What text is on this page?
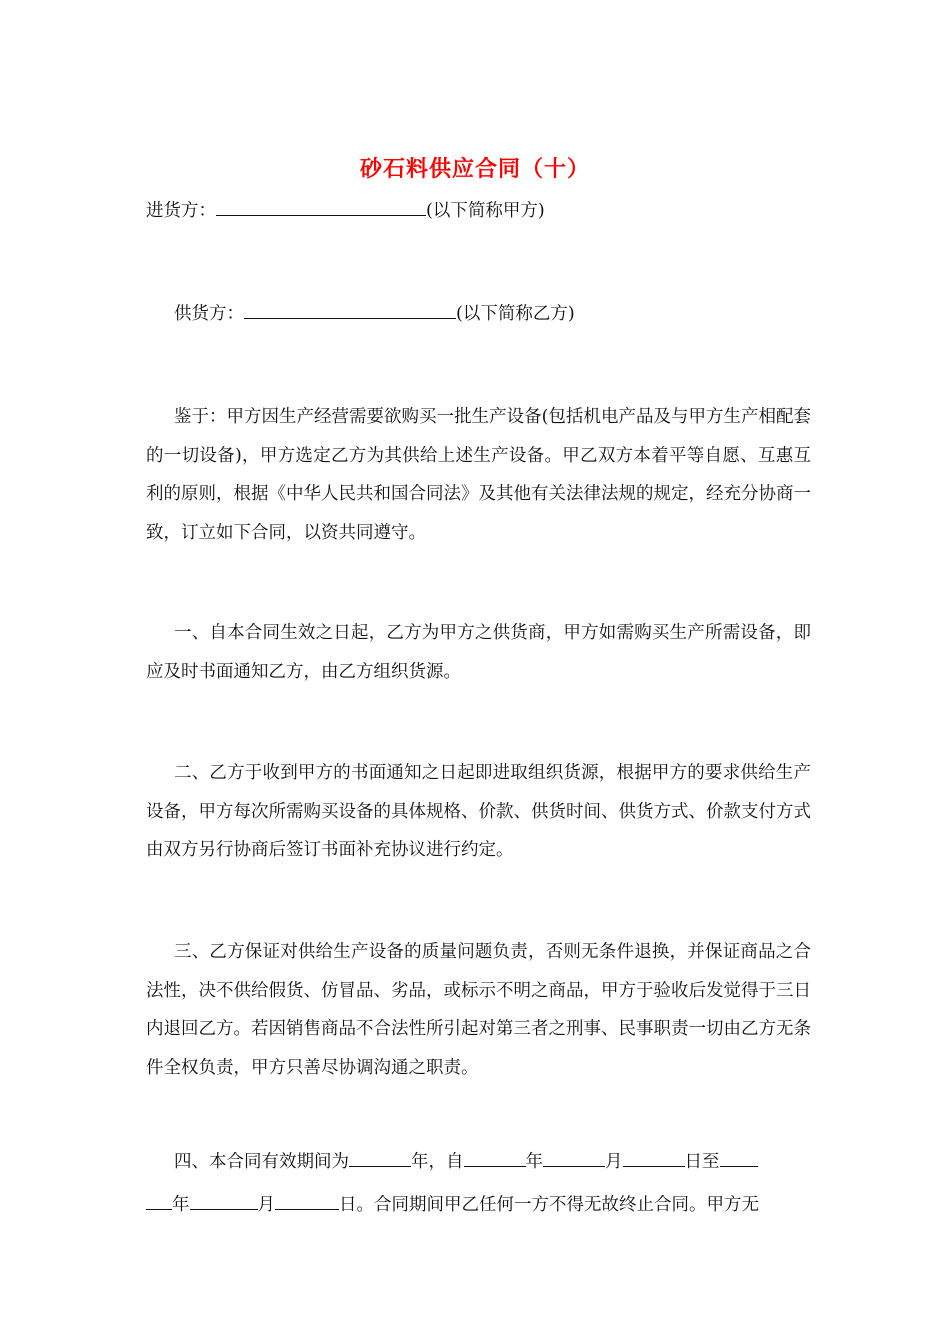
砂石料供应合同（十）
进货方：	(以下简称甲方)
供货方：	(以下简称乙方)

鉴于：甲方因生产经营需要欲购买一批生产设备(包括机电产品及与甲方生产相配套的一切设备)，甲方选定乙方为其供给上述生产设备。甲乙双方本着平等自愿、互惠互利的原则，根据《中华人民共和国合同法》及其他有关法律法规的规定，经充分协商一致，订立如下合同，以资共同遵守。

一、自本合同生效之日起，乙方为甲方之供货商，甲方如需购买生产所需设备，即应及时书面通知乙方，由乙方组织货源。

二、乙方于收到甲方的书面通知之日起即进取组织货源，根据甲方的要求供给生产设备，甲方每次所需购买设备的具体规格、价款、供货时间、供货方式、价款支付方式由双方另行协商后签订书面补充协议进行约定。

三、乙方保证对供给生产设备的质量问题负责，否则无条件退换，并保证商品之合法性，决不供给假货、仿冒品、劣品，或标示不明之商品，甲方于验收后发觉得于三日内退回乙方。若因销售商品不合法性所引起对第三者之刑事、民事职责一切由乙方无条件全权负责，甲方只善尽协调沟通之职责。

四、本合同有效期间为	年，自	年	月	日至
年	月	日。合同期间甲乙任何一方不得无故终止合同。甲方无
